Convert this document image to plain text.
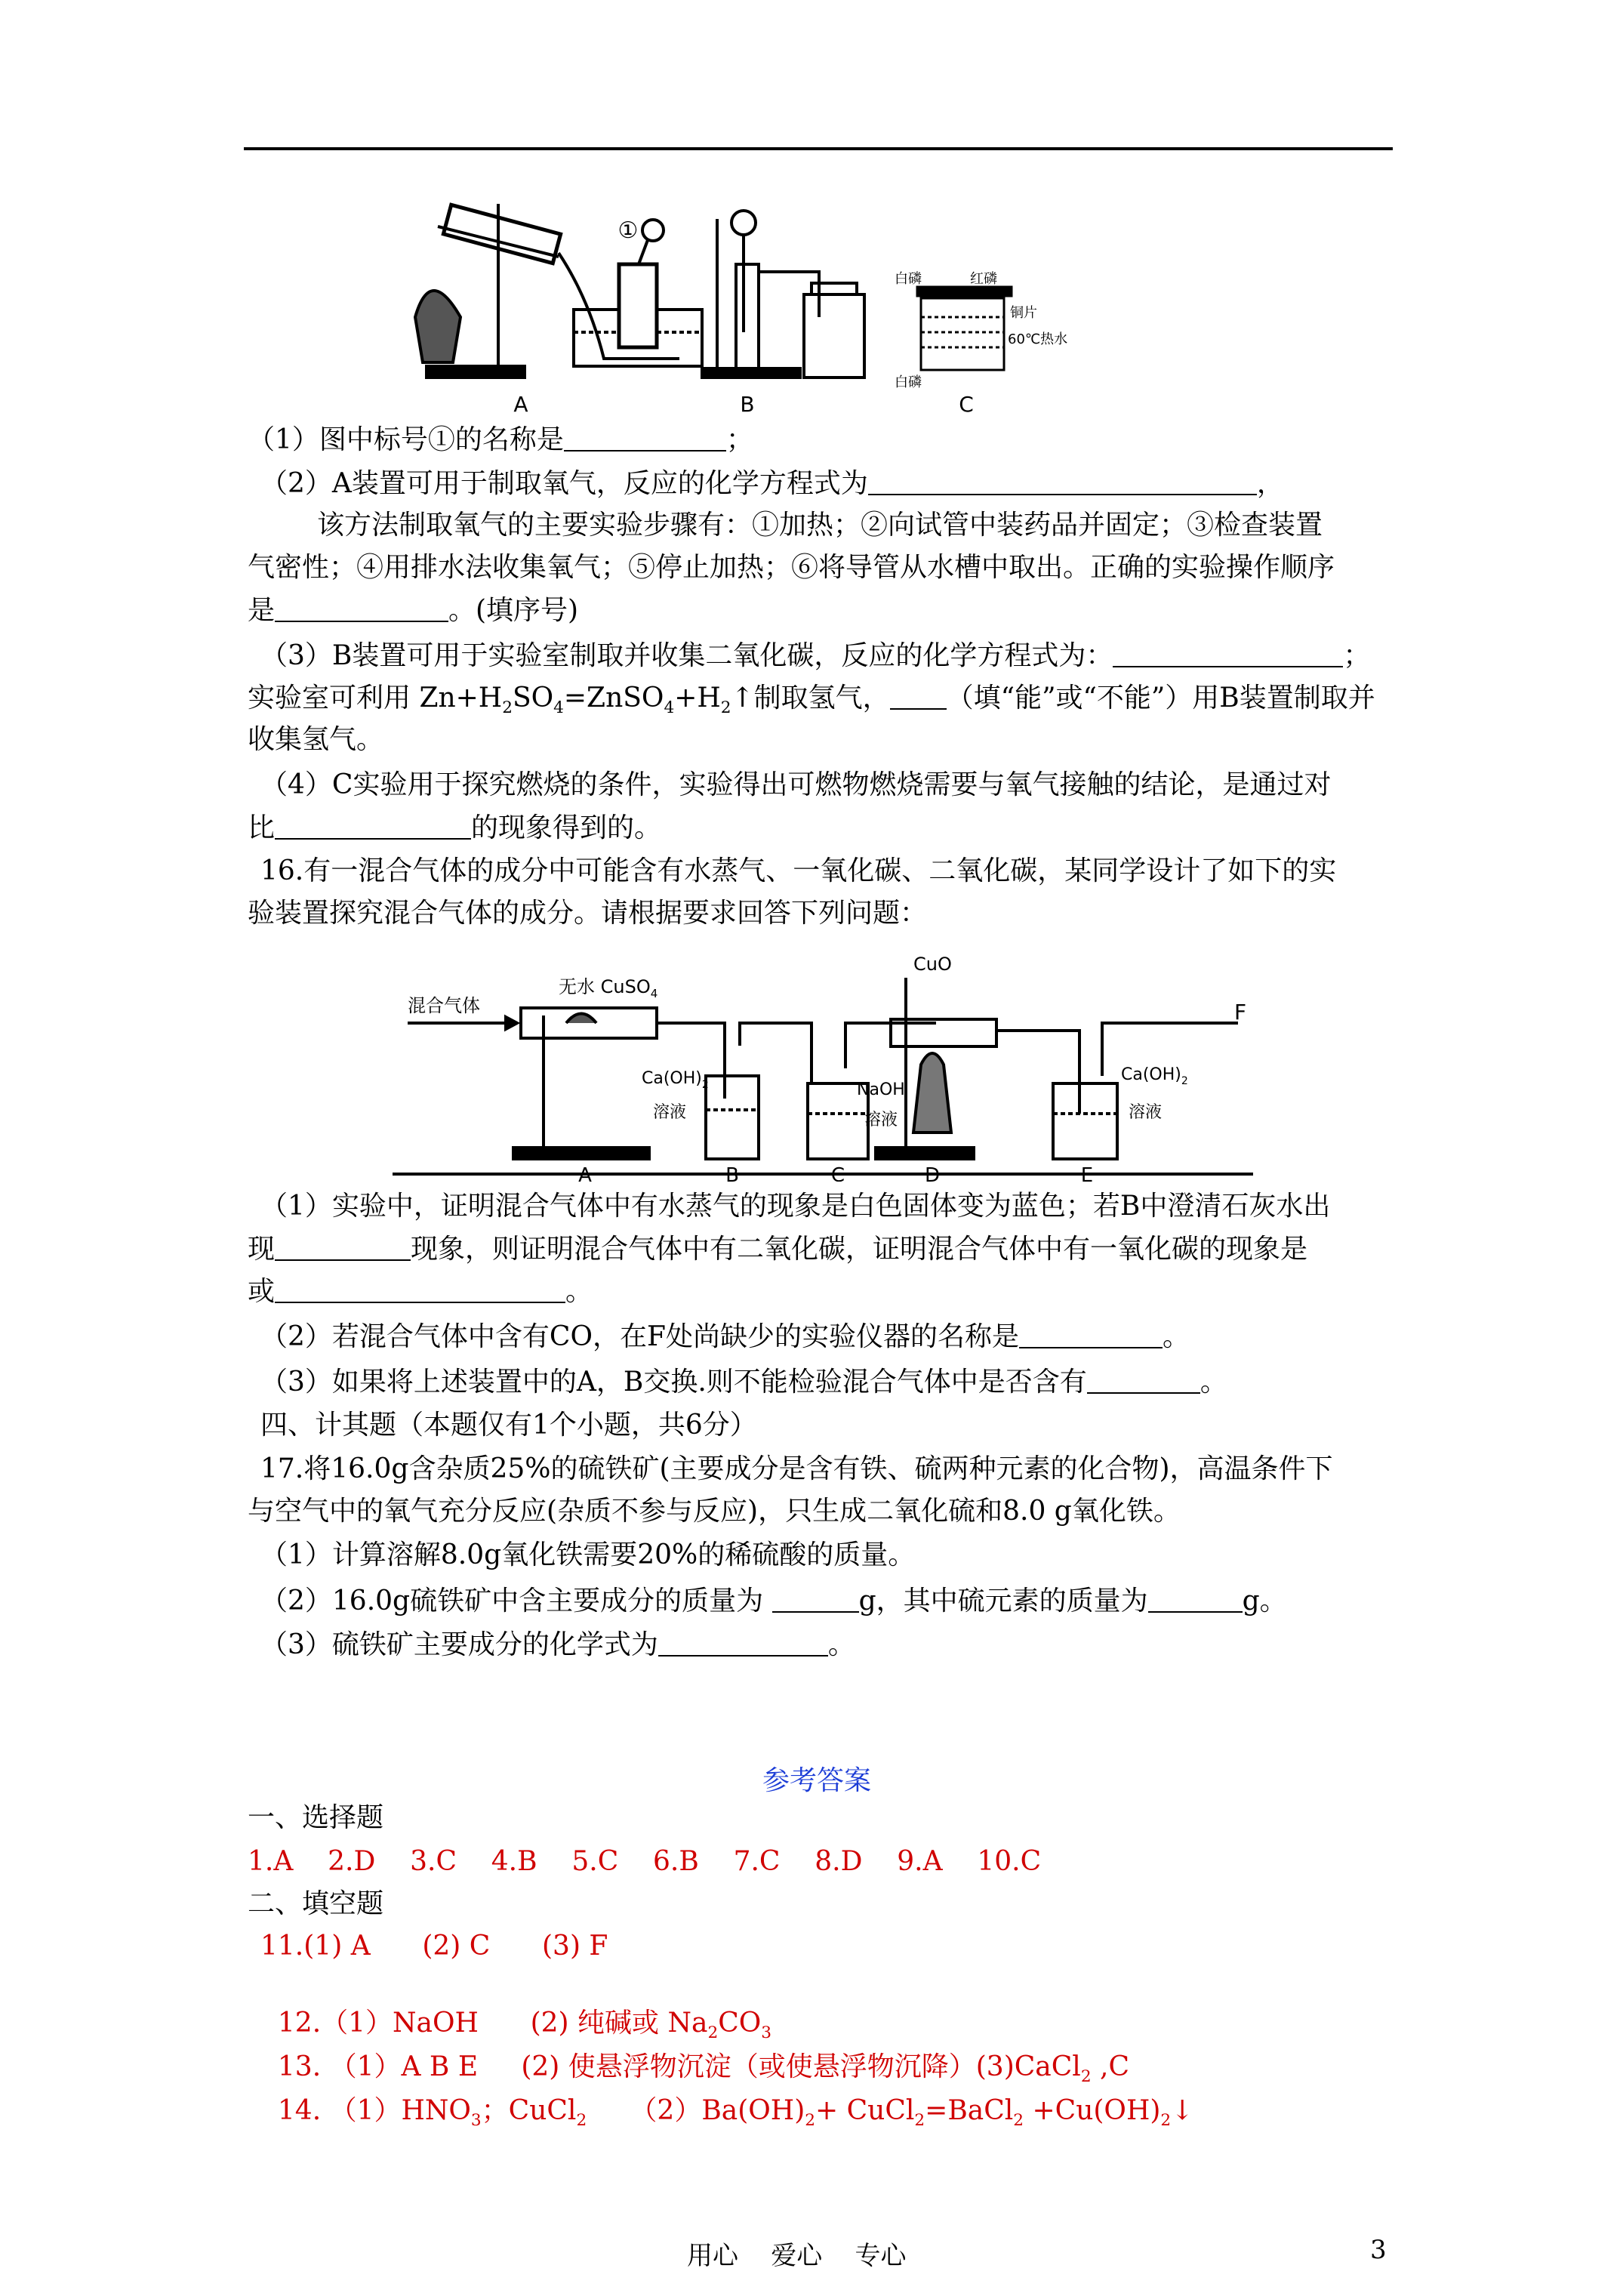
①
A	B	C
白磷	红磷
铜片
60℃热水
白磷
（1）图中标号①的名称是	；
（2）A装置可用于制取氧气，反应的化学方程式为	，
该方法制取氧气的主要实验步骤有：①加热；②向试管中装药品并固定；③检查装置
气密性；④用排水法收集氧气；⑤停止加热；⑥将导管从水槽中取出。正确的实验操作顺序
是	。(填序号)
（3）B装置可用于实验室制取并收集二氧化碳，反应的化学方程式为：	；
实验室可利用 $Zn+H_2SO_4=ZnSO_4+H_2↑$制取氢气， （填“能”或“不能”）用B装置制取并
收集氢气。
（4）C实验用于探究燃烧的条件，实验得出可燃物燃烧需要与氧气接触的结论，是通过对
比	的现象得到的。
16.有一混合气体的成分中可能含有水蒸气、一氧化碳、二氧化碳，某同学设计了如下的实
验装置探究混合气体的成分。请根据要求回答下列问题：
混合气体
无水 CuSO$_4$
$Ca(OH)_2$
溶液
NaOH
溶液
CuO
$Ca(OH)_2$
溶液
F
A	B	C	D	E
（1）实验中，证明混合气体中有水蒸气的现象是白色固体变为蓝色；若B中澄清石灰水出
现	现象，则证明混合气体中有二氧化碳，证明混合气体中有一氧化碳的现象是
或	。
（2）若混合气体中含有CO，在F处尚缺少的实验仪器的名称是	。
（3）如果将上述装置中的A，B交换.则不能检验混合气体中是否含有	。
四、计其题（本题仅有1个小题，共6分）
17.将16.0g含杂质25%的硫铁矿(主要成分是含有铁、硫两种元素的化合物)，高温条件下
与空气中的氧气充分反应(杂质不参与反应)，只生成二氧化硫和8.0 g氧化铁。
（1）计算溶解8.0g氧化铁需要20%的稀硫酸的质量。
（2）16.0g硫铁矿中含主要成分的质量为	g，其中硫元素的质量为	g。
（3）硫铁矿主要成分的化学式为	。
参考答案
一、选择题
1.A    2.D    3.C    4.B    5.C    6.B    7.C    8.D    9.A    10.C
二、填空题
11.(1) A      (2) C      (3) F

12.（1）NaOH      (2) 纯碱或 $Na_2CO_3$

13. （1）A B E     (2) 使悬浮物沉淀（或使悬浮物沉降）(3)CaCl$_2$ ,C

14. $(1)HNO_3$；CuCl$_2$     $(2)Ba(OH)_2+$ CuCl$_2$=BaCl$_2$ $+Cu(OH)_2↓$

用心    爱心    专心	3
